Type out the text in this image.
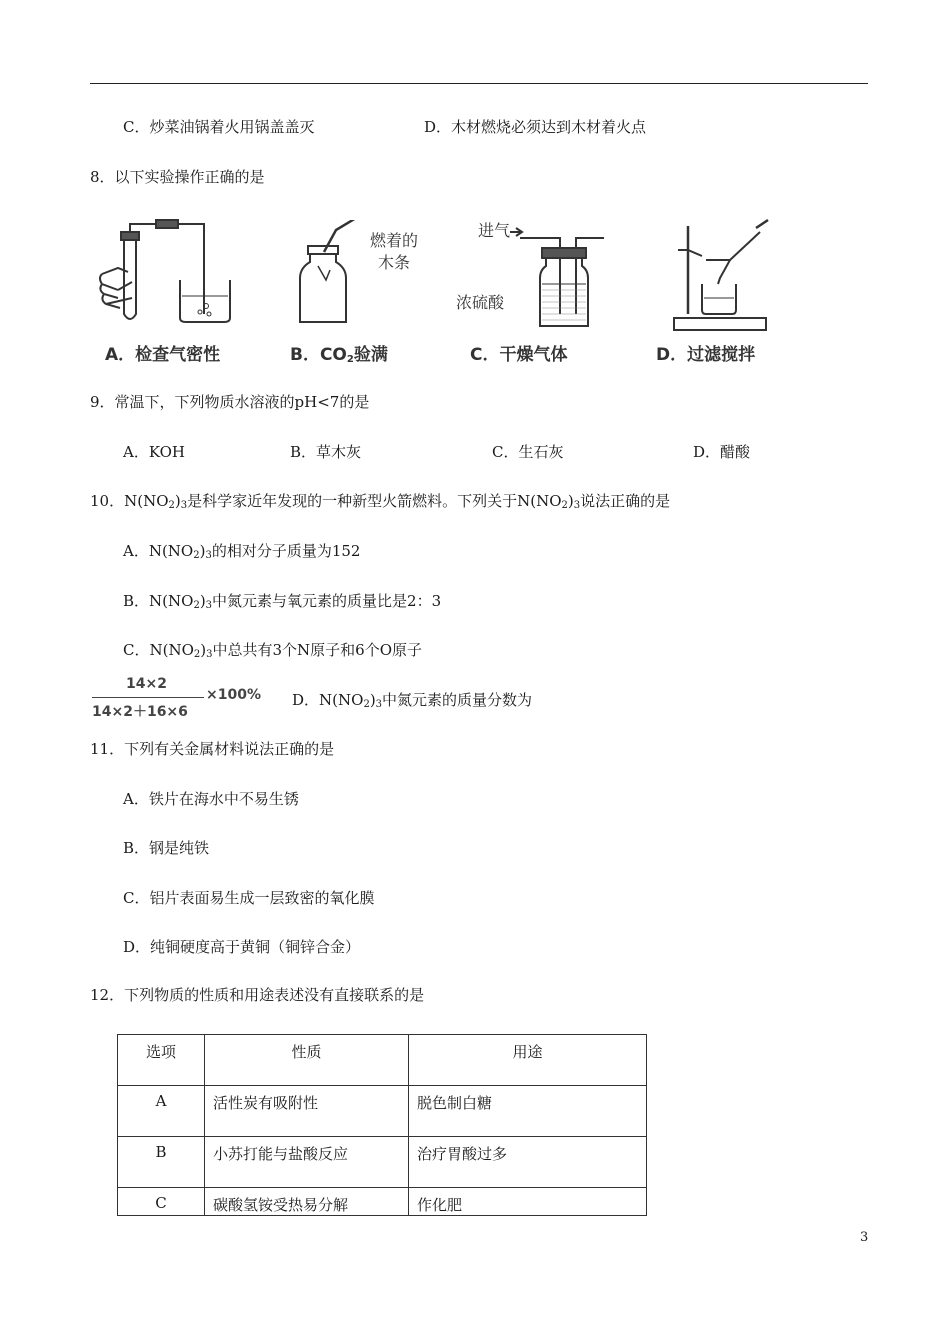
C．炒菜油锅着火用锅盖盖灭	D．木材燃烧必须达到木材着火点
8．以下实验操作正确的是
A．检查气密性
燃着的
木条
B．$CO_2$验满
进气
浓硫酸
C．干燥气体	D．过滤搅拌
9．常温下，下列物质水溶液的pH<7的是
A．KOH	B．草木灰	C．生石灰	D．醋酸
10．$N(NO_2)_3$是科学家近年发现的一种新型火箭燃料。下列关于$N(NO_2)_3$说法正确的是
A．$N(NO_2)_3$的相对分子质量为152
B．$N(NO_2)_3$中氮元素与氧元素的质量比是2：3
C．$N(NO_2)_3$中总共有3个N原子和6个O原子
14×2
14×2＋16×6
×100% D．$N(NO_2)_3$中氮元素的质量分数为
11．下列有关金属材料说法正确的是
A．铁片在海水中不易生锈
B．钢是纯铁
C．铝片表面易生成一层致密的氧化膜
D．纯铜硬度高于黄铜（铜锌合金）
12．下列物质的性质和用途表述没有直接联系的是
选项	性质	用途
A	活性炭有吸附性	脱色制白糖
B	小苏打能与盐酸反应	治疗胃酸过多
C	碳酸氢铵受热易分解	作化肥
3
